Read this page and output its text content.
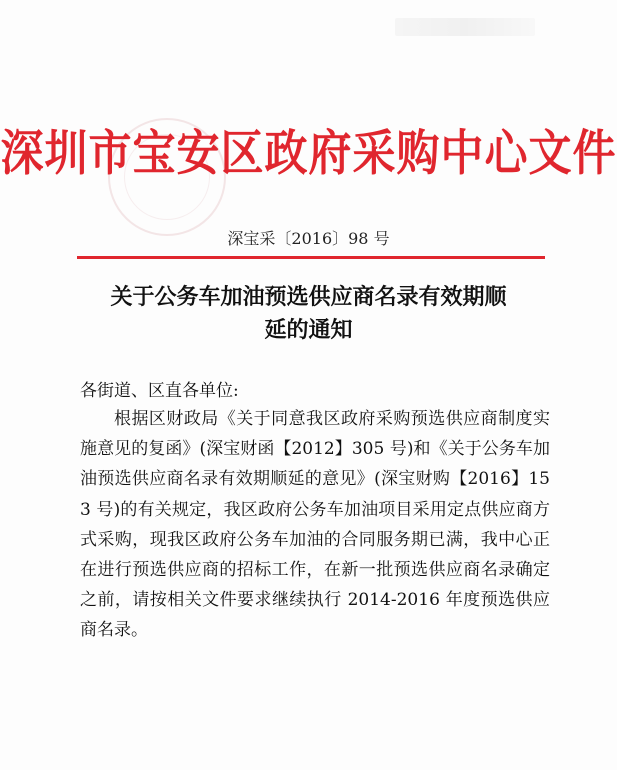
深圳市宝安区政府采购中心文件
深宝采〔2016〕98 号
关于公务车加油预选供应商名录有效期顺
延的通知
各街道、区直各单位:

根据区财政局《关于同意我区政府采购预选供应商制度实施意见的复函》(深宝财函【2012】305 号)和《关于公务车加油预选供应商名录有效期顺延的意见》(深宝财购【2016】153 号)的有关规定，我区政府公务车加油项目采用定点供应商方式采购，现我区政府公务车加油的合同服务期已满，我中心正在进行预选供应商的招标工作，在新一批预选供应商名录确定之前，请按相关文件要求继续执行 2014-2016 年度预选供应商名录。
